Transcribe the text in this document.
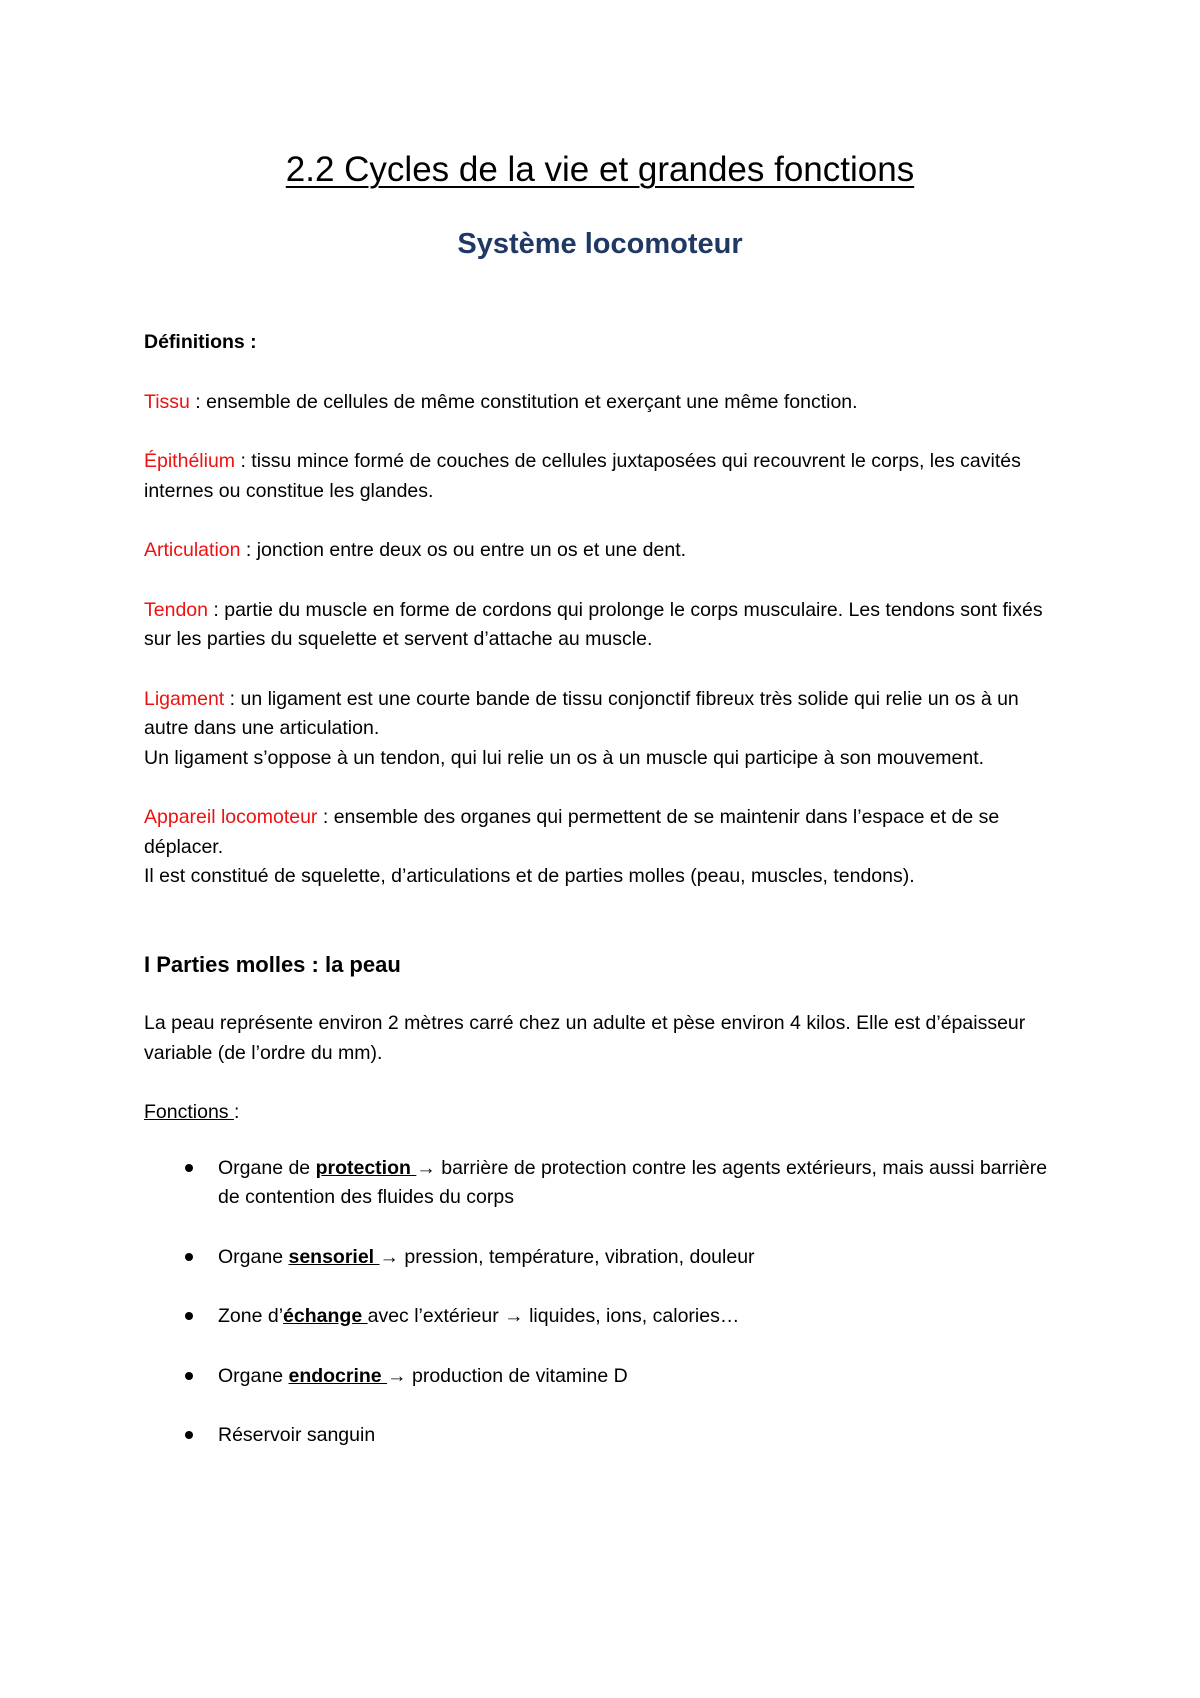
2.2 Cycles de la vie et grandes fonctions
Système locomoteur

Définitions :

Tissu : ensemble de cellules de même constitution et exerçant une même fonction.

Épithélium : tissu mince formé de couches de cellules juxtaposées qui recouvrent le corps, les cavités internes ou constitue les glandes.

Articulation : jonction entre deux os ou entre un os et une dent.

Tendon : partie du muscle en forme de cordons qui prolonge le corps musculaire. Les tendons sont fixés sur les parties du squelette et servent d’attache au muscle.

Ligament : un ligament est une courte bande de tissu conjonctif fibreux très solide qui relie un os à un autre dans une articulation.

Un ligament s’oppose à un tendon, qui lui relie un os à un muscle qui participe à son mouvement.

Appareil locomoteur : ensemble des organes qui permettent de se maintenir dans l’espace et de se déplacer.

Il est constitué de squelette, d’articulations et de parties molles (peau, muscles, tendons).

I Parties molles : la peau

La peau représente environ 2 mètres carré chez un adulte et pèse environ 4 kilos. Elle est d’épaisseur variable (de l’ordre du mm).

Fonctions :

Organe de protection → barrière de protection contre les agents extérieurs, mais aussi barrière de contention des fluides du corps
Organe sensoriel → pression, température, vibration, douleur
Zone d’échange avec l’extérieur → liquides, ions, calories…
Organe endocrine → production de vitamine D
Réservoir sanguin
